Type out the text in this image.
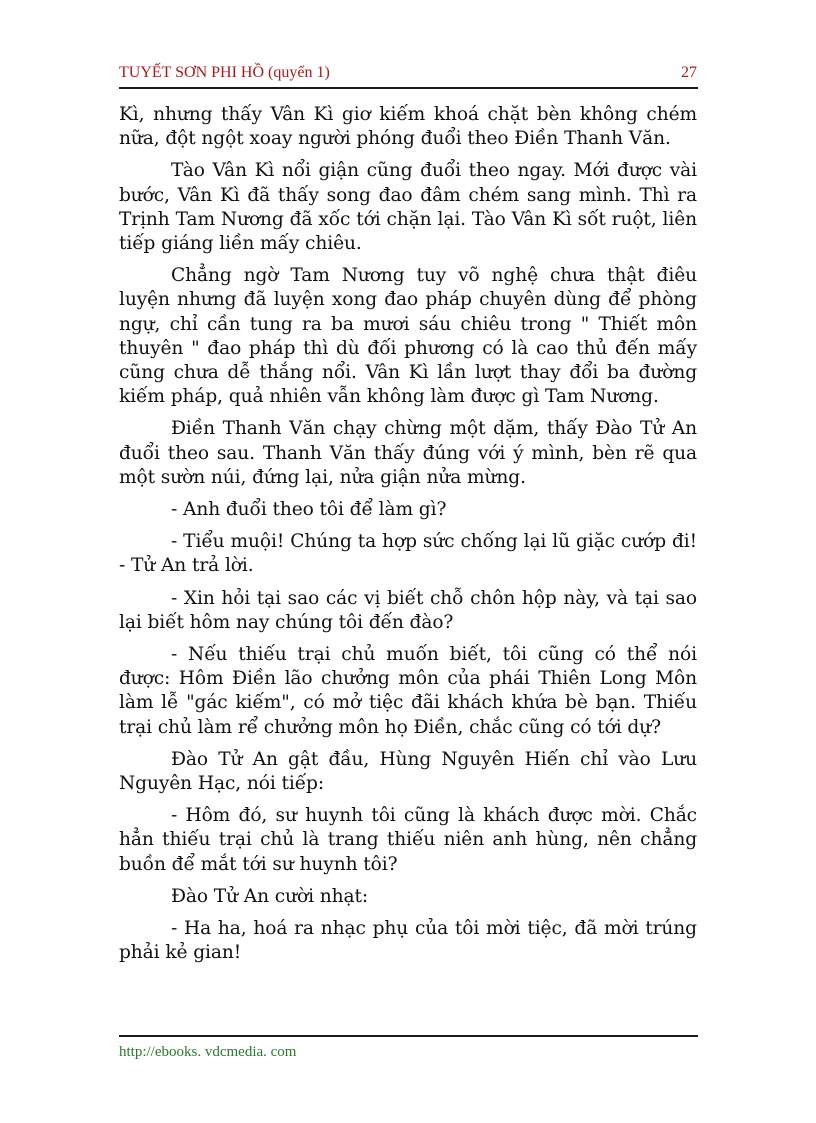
TUYẾT SƠN PHI HỒ (quyển 1)	27

Kì, nhưng thấy Vân Kì giơ kiếm khoá chặt bèn không chém nữa, đột ngột xoay người phóng đuổi theo Điền Thanh Văn.

Tào Vân Kì nổi giận cũng đuổi theo ngay. Mới được vài bước, Vân Kì đã thấy song đao đâm chém sang mình. Thì ra Trịnh Tam Nương đã xốc tới chặn lại. Tào Vân Kì sốt ruột, liên tiếp giáng liền mấy chiêu.

Chẳng ngờ Tam Nương tuy võ nghệ chưa thật điêu luyện nhưng đã luyện xong đao pháp chuyên dùng để phòng ngự, chỉ cần tung ra ba mươi sáu chiêu trong " Thiết môn thuyên " đao pháp thì dù đối phương có là cao thủ đến mấy cũng chưa dễ thắng nổi. Vân Kì lần lượt thay đổi ba đường kiếm pháp, quả nhiên vẫn không làm được gì Tam Nương.

Điền Thanh Văn chạy chừng một dặm, thấy Đào Tử An đuổi theo sau. Thanh Văn thấy đúng với ý mình, bèn rẽ qua một sườn núi, đứng lại, nửa giận nửa mừng.

- Anh đuổi theo tôi để làm gì?

- Tiểu muội! Chúng ta hợp sức chống lại lũ giặc cướp đi! - Tử An trả lời.

- Xin hỏi tại sao các vị biết chỗ chôn hộp này, và tại sao lại biết hôm nay chúng tôi đến đào?

- Nếu thiếu trại chủ muốn biết, tôi cũng có thể nói được: Hôm Điền lão chưởng môn của phái Thiên Long Môn làm lễ "gác kiếm", có mở tiệc đãi khách khứa bè bạn. Thiếu trại chủ làm rể chưởng môn họ Điền, chắc cũng có tới dự?

Đào Tử An gật đầu, Hùng Nguyên Hiến chỉ vào Lưu Nguyên Hạc, nói tiếp:

- Hôm đó, sư huynh tôi cũng là khách được mời. Chắc hẳn thiếu trại chủ là trang thiếu niên anh hùng, nên chẳng buồn để mắt tới sư huynh tôi?

Đào Tử An cười nhạt:

- Ha ha, hoá ra nhạc phụ của tôi mời tiệc, đã mời trúng phải kẻ gian!

http://ebooks. vdcmedia. com
